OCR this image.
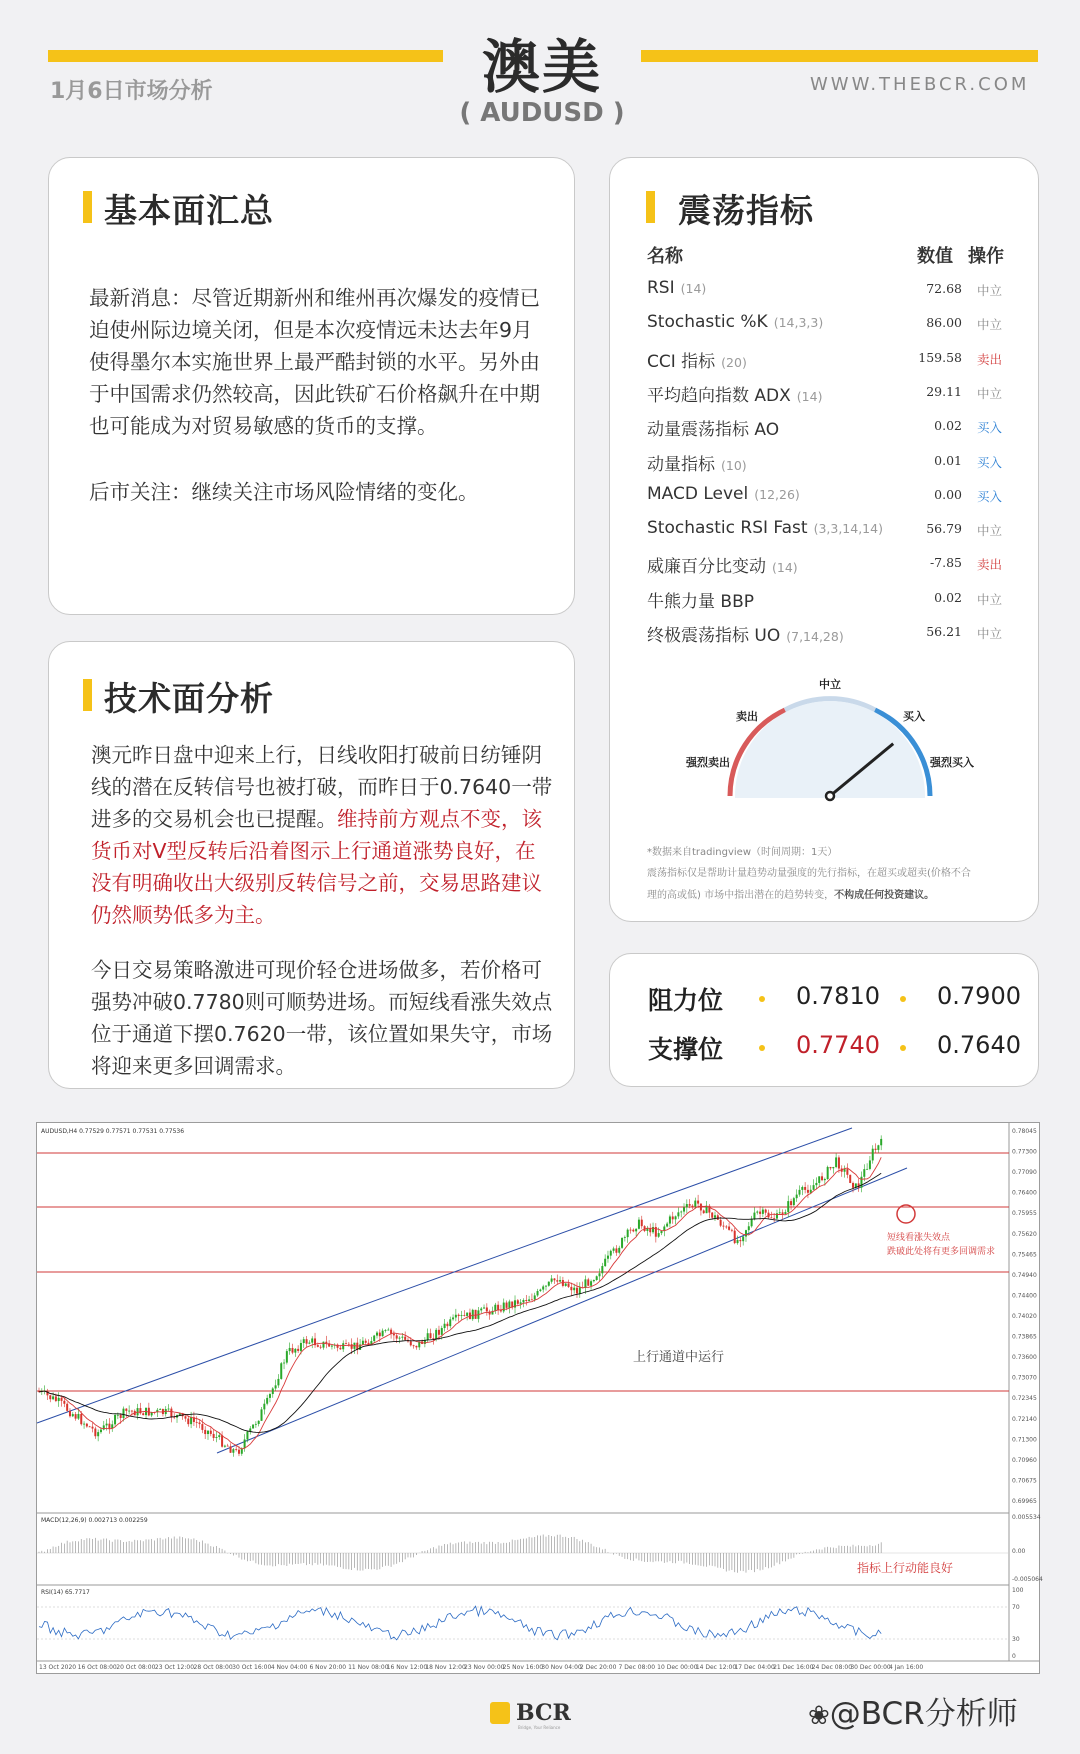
澳美
( AUDUSD )
1月6日市场分析	WWW.THEBCR.COM
基本面汇总
最新消息：尽管近期新州和维州再次爆发的疫情已迫使州际边境关闭，但是本次疫情远未达去年9月使得墨尔本实施世界上最严酷封锁的水平。另外由于中国需求仍然较高，因此铁矿石价格飙升在中期也可能成为对贸易敏感的货币的支撑。
后市关注：继续关注市场风险情绪的变化。
技术面分析
澳元昨日盘中迎来上行，日线收阳打破前日纺锤阴线的潜在反转信号也被打破，而昨日于0.7640一带进多的交易机会也已提醒。维持前方观点不变，该货币对V型反转后沿着图示上行通道涨势良好，在没有明确收出大级别反转信号之前，交易思路建议仍然顺势低多为主。
今日交易策略激进可现价轻仓进场做多，若价格可强势冲破0.7780则可顺势进场。而短线看涨失效点位于通道下摆0.7620一带，该位置如果失守，市场将迎来更多回调需求。
震荡指标
名称	数值 操作
RSI (14)	72.68 中立
Stochastic %K (14,3,3)	86.00 中立
CCI 指标 (20)	159.58 卖出
平均趋向指数 ADX (14)	29.11 中立
动量震荡指标 AO	0.02 买入
动量指标 (10)	0.01 买入
MACD Level (12,26)	0.00 买入
Stochastic RSI Fast (3,3,14,14)	56.79 中立
威廉百分比变动 (14)	-7.85 卖出
牛熊力量 BBP	0.02 中立
终极震荡指标 UO (7,14,28)	56.21 中立
中立
卖出	买入
强烈卖出	强烈买入
*数据来自tradingview（时间周期：1天）
震荡指标仅是帮助计量趋势动量强度的先行指标，在超买或超卖(价格不合
理的高或低) 市场中指出潜在的趋势转变，不构成任何投资建议。
阻力位	0.7810 0.7900
支撑位	0.7740 0.7640
0.78045
0.77300
0.77090
0.76400
0.75955
0.75620
0.75465
0.74940
0.74400
0.74020
0.73865
0.73600
0.73070
0.72345
0.72140
0.71300
0.70960
0.70675
0.69965
0.005534
0.00
-0.005064
100
70
30
0
13 Oct 2020 16 Oct 08:00 20 Oct 08:00 23 Oct 12:00 28 Oct 08:00 30 Oct 16:00 4 Nov 04:00 6 Nov 20:00 11 Nov 08:00
16 Nov 12:00
18 Nov 12:00
23 Nov 00:00
25 Nov 16:00
30 Nov 04:00
2 Dec 20:00 7 Dec 08:00 10 Dec 00:00
14 Dec 12:00
17 Dec 04:00
21 Dec 16:00
24 Dec 08:00
30 Dec 00:00
4 Jan 16:00
AUDUSD,H4 0.77529 0.77571 0.77531 0.77536
上行通道中运行
短线看涨失效点
跌破此处将有更多回调需求
MACD(12,26,9) 0.002713 0.002259
指标上行动能良好
RSI(14) 65.7717
BCR
Bridge, Your Reliance	❀@BCR分析师
